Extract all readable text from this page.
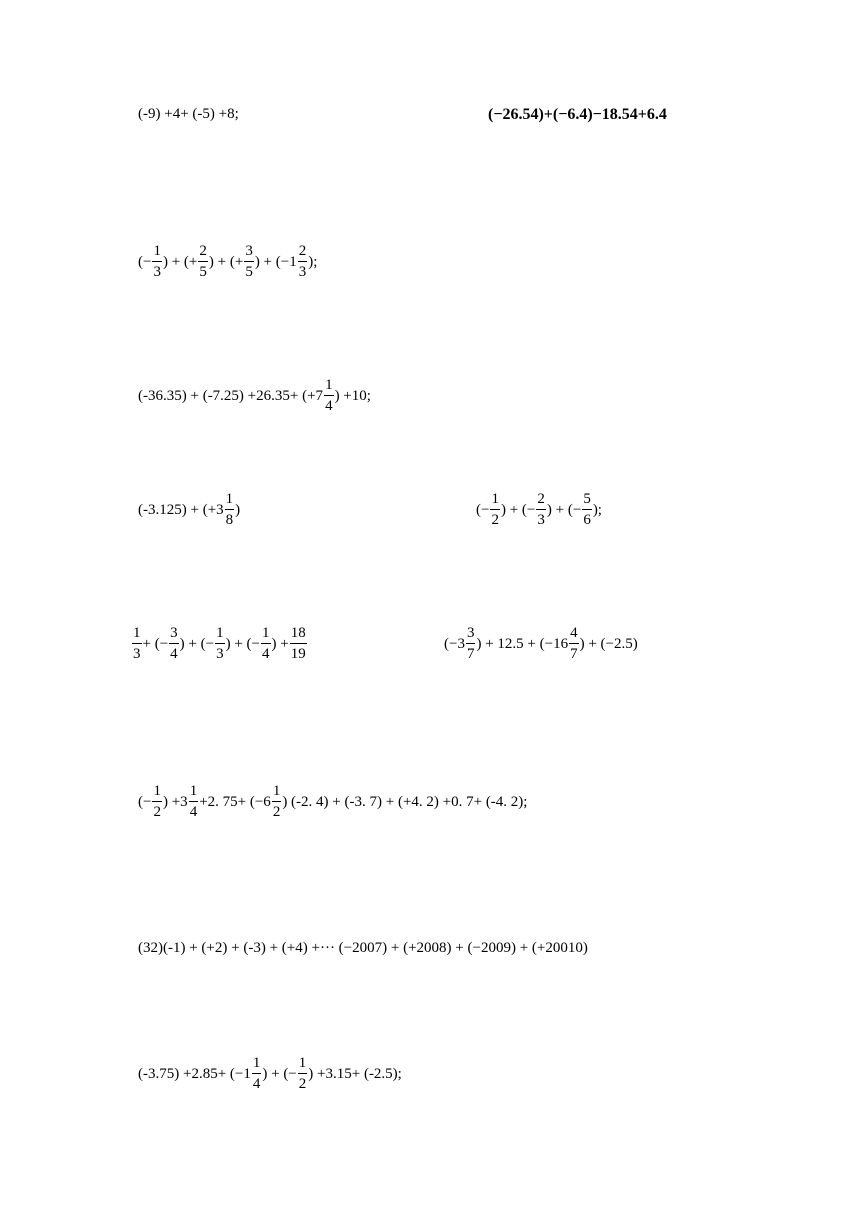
(-9) +4+ (-5) +8;	(−26.54)+(−6.4)−18.54+6.4
(− $\frac{1}{3}$ ) + (+ $\frac{2}{5}$ ) + (+ $\frac{3}{5}$ ) + ($-1 \frac{2}{3}$ );
$(-36.35) + (-7.25) +26.35+ (+7 \frac{1}{4}$ ) +10;
$(-3.125) + (+3 \frac{1}{8}$ )	(− $\frac{1}{2}$ ) + (− $\frac{2}{3}$ ) + (− $\frac{5}{6}$ );
$\frac{1}{3}$ + (− $\frac{3}{4}$ ) + (− $\frac{1}{3}$ ) + (− $\frac{1}{4}$ ) + $\frac{18}{19}$	($-3 \frac{3}{7}$ ) + $12.5 + (-16 \frac{4}{7}$ ) + (−2.5)
(− $\frac{1}{2}$ ) $+3 \frac{1}{4} +2$. $75+ (-6 \frac{1}{2}$ ) (-2. 4) + (-3. 7) + (+4. 2) +0. 7+ (-4. 2);
(32)(-1) + (+2) + (-3) + (+4) +··· (−2007) + (+2008) + (−2009) + (+20010)
$(-3.75) +2.85+ (-1 \frac{1}{4}$ ) + (− $\frac{1}{2}$ ) +3.15+ (-2.5);
